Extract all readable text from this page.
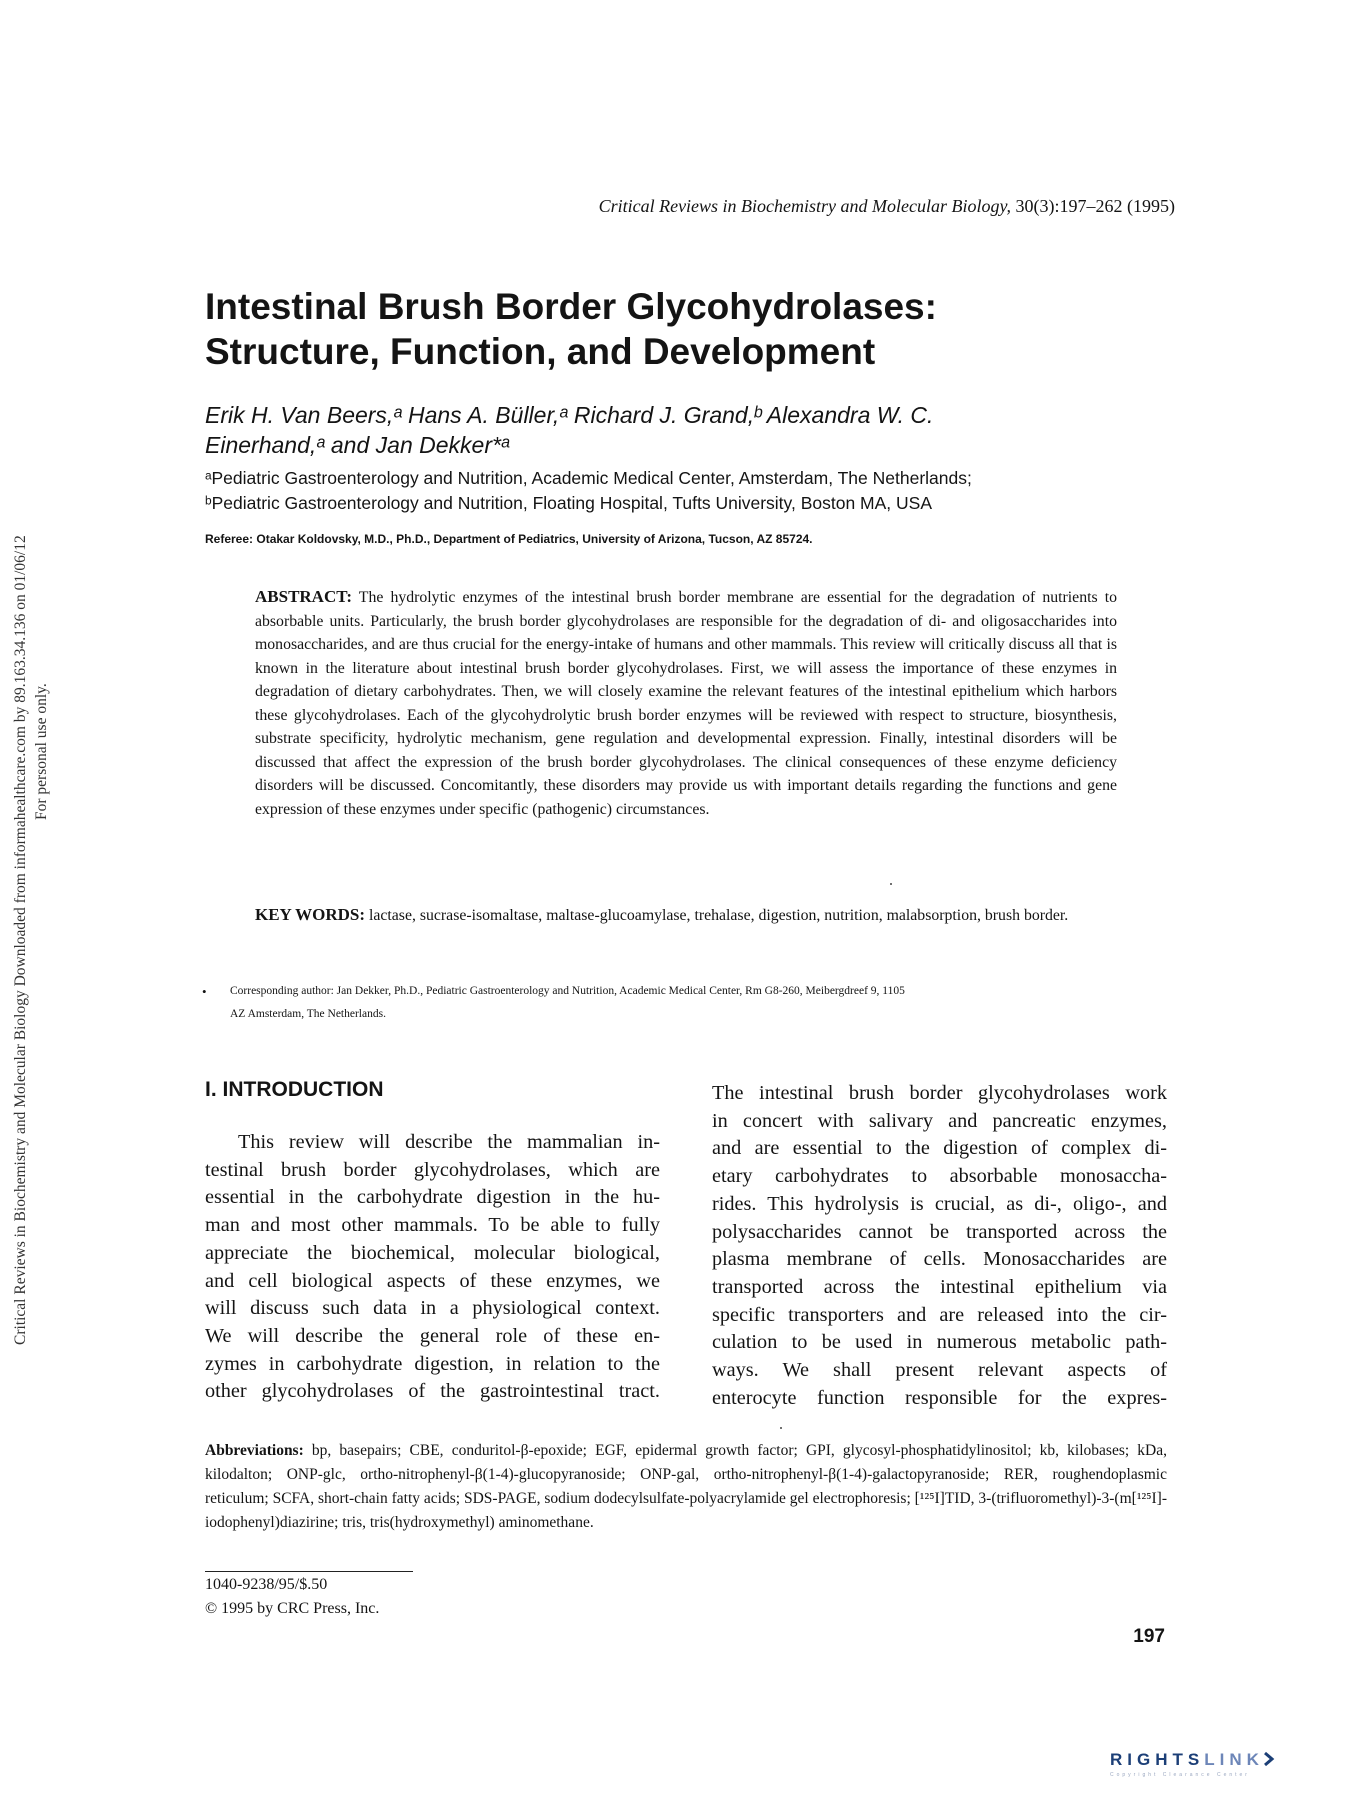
Critical Reviews in Biochemistry and Molecular Biology Downloaded from informahealthcare.com by 89.163.34.136 on 01/06/12 For personal use only.
Critical Reviews in Biochemistry and Molecular Biology, 30(3):197–262 (1995)
Intestinal Brush Border Glycohydrolases:
Structure, Function, and Development
Erik H. Van Beers,ᵃ Hans A. Büller,ᵃ Richard J. Grand,ᵇ Alexandra W. C.
Einerhand,ᵃ and Jan Dekker*ᵃ
ᵃPediatric Gastroenterology and Nutrition, Academic Medical Center, Amsterdam, The Netherlands;
ᵇPediatric Gastroenterology and Nutrition, Floating Hospital, Tufts University, Boston MA, USA
Referee: Otakar Koldovsky, M.D., Ph.D., Department of Pediatrics, University of Arizona, Tucson, AZ 85724.
ABSTRACT: The hydrolytic enzymes of the intestinal brush border membrane are essential for the degradation of nutrients to absorbable units. Particularly, the brush border glycohydrolases are responsible for the degradation of di- and oligosaccharides into monosaccharides, and are thus crucial for the energy-intake of humans and other mammals. This review will critically discuss all that is known in the literature about intestinal brush border glycohydrolases. First, we will assess the importance of these enzymes in degradation of dietary carbohydrates. Then, we will closely examine the relevant features of the intestinal epithelium which harbors these glycohydrolases. Each of the glycohydrolytic brush border enzymes will be reviewed with respect to structure, biosynthesis, substrate specificity, hydrolytic mechanism, gene regulation and developmental expression. Finally, intestinal disorders will be discussed that affect the expression of the brush border glycohydrolases. The clinical consequences of these enzyme deficiency disorders will be discussed. Concomitantly, these disorders may provide us with important details regarding the functions and gene expression of these enzymes under specific (pathogenic) circumstances.
KEY WORDS: lactase, sucrase-isomaltase, maltase-glucoamylase, trehalase, digestion, nutrition, malabsorption, brush border.
•	Corresponding author: Jan Dekker, Ph.D., Pediatric Gastroenterology and Nutrition, Academic Medical Center, Rm G8-260, Meibergdreef 9, 1105
AZ Amsterdam, The Netherlands.
I. INTRODUCTION
This review will describe the mammalian in-
testinal brush border glycohydrolases, which are
essential in the carbohydrate digestion in the hu-
man and most other mammals. To be able to fully
appreciate the biochemical, molecular biological,
and cell biological aspects of these enzymes, we
will discuss such data in a physiological context.
We will describe the general role of these en-
zymes in carbohydrate digestion, in relation to the
other glycohydrolases of the gastrointestinal tract.
The intestinal brush border glycohydrolases work
in concert with salivary and pancreatic enzymes,
and are essential to the digestion of complex di-
etary carbohydrates to absorbable monosaccha-
rides. This hydrolysis is crucial, as di-, oligo-, and
polysaccharides cannot be transported across the
plasma membrane of cells. Monosaccharides are
transported across the intestinal epithelium via
specific transporters and are released into the cir-
culation to be used in numerous metabolic path-
ways. We shall present relevant aspects of
enterocyte function responsible for the expres-
Abbreviations: bp, basepairs; CBE, conduritol-β-epoxide; EGF, epidermal growth factor; GPI, glycosyl-phosphatidylinositol; kb, kilobases; kDa, kilodalton; ONP-glc, ortho-nitrophenyl-β(1-4)-glucopyranoside; ONP-gal, ortho-nitrophenyl-β(1-4)-galactopyranoside; RER, roughendoplasmic reticulum; SCFA, short-chain fatty acids; SDS-PAGE, sodium dodecylsulfate-polyacrylamide gel electrophoresis; [¹²⁵I]TID, 3-(trifluoromethyl)-3-(m[¹²⁵I]-iodophenyl)diazirine; tris, tris(hydroxymethyl) aminomethane.
1040-9238/95/$.50
© 1995 by CRC Press, Inc.
197
RIGHTSLINK
Copyright Clearance Center
